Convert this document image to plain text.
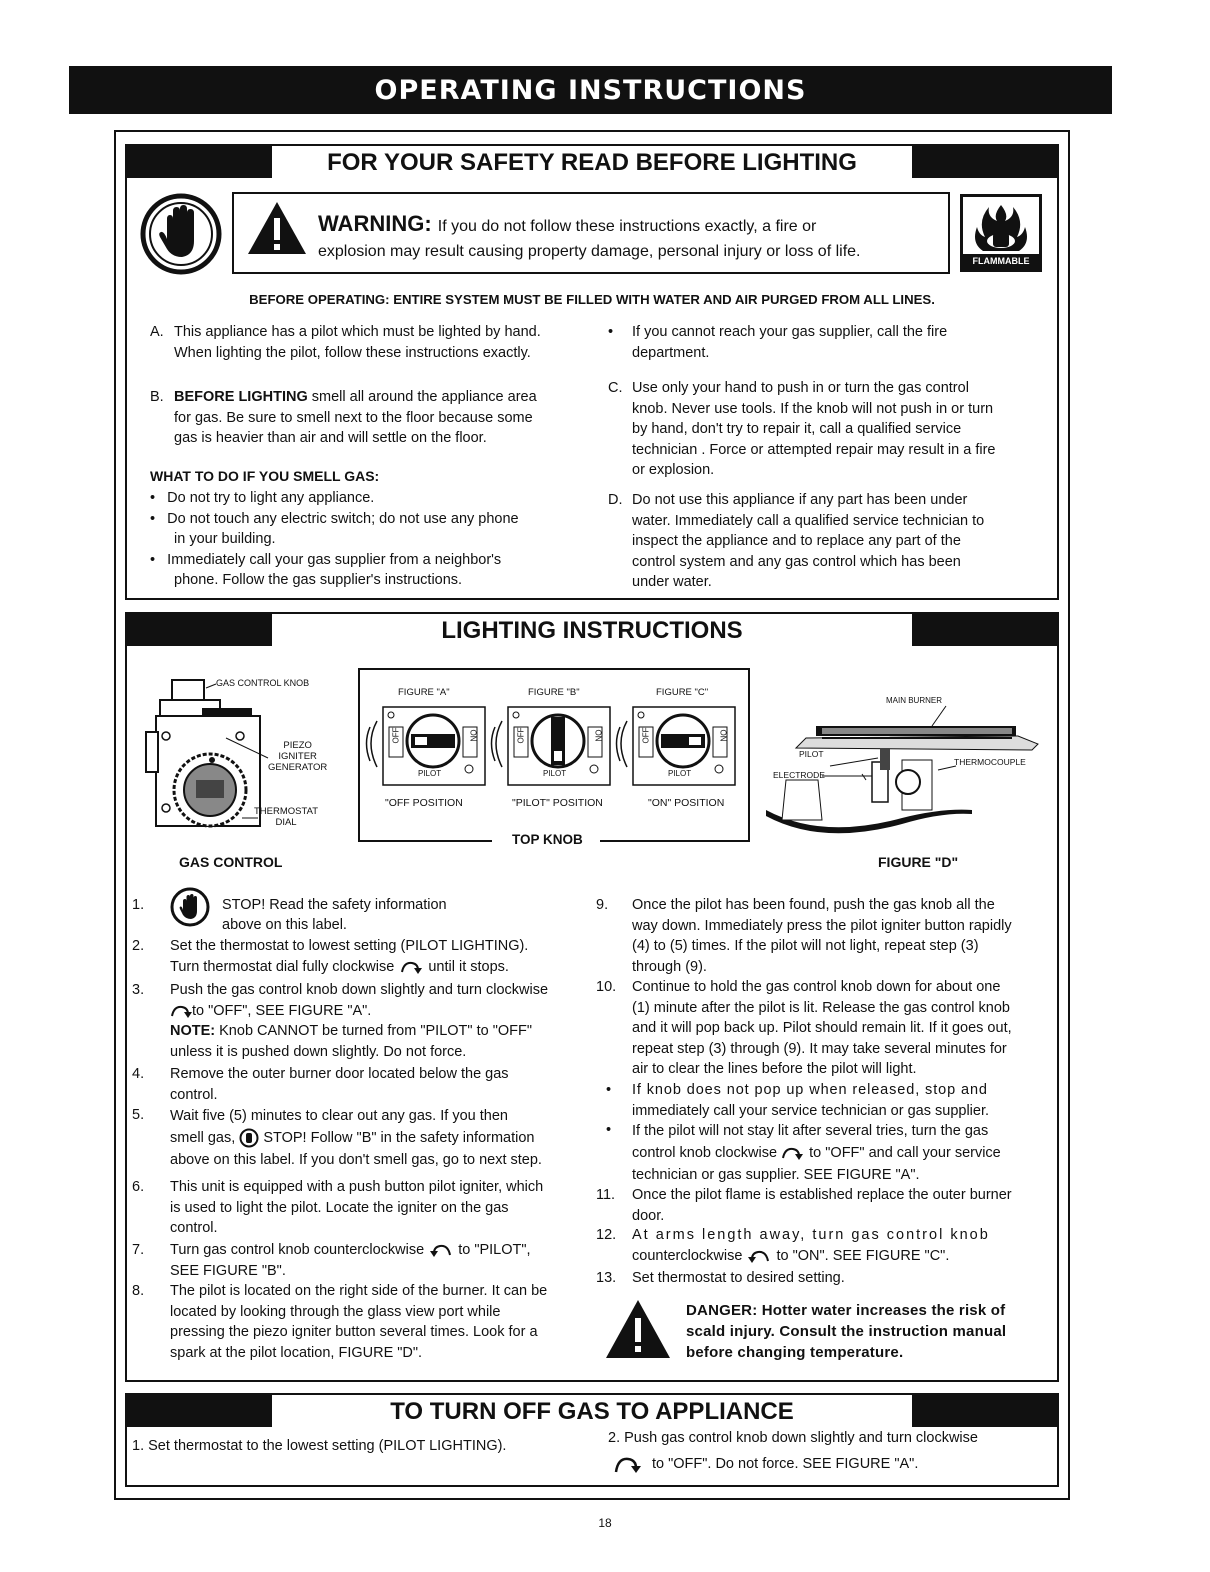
OPERATING INSTRUCTIONS
FOR YOUR SAFETY READ BEFORE LIGHTING
WARNING: If you do not follow these instructions exactly, a fire or
explosion may result causing property damage, personal injury or loss of life.
FLAMMABLE
BEFORE OPERATING: ENTIRE SYSTEM MUST BE FILLED WITH WATER AND AIR PURGED FROM ALL LINES.
A. This appliance has a pilot which must be lighted by hand.
When lighting the pilot, follow these instructions exactly.
B. BEFORE LIGHTING smell all around the appliance area
for gas. Be sure to smell next to the floor because some
gas is heavier than air and will settle on the floor.
WHAT TO DO IF YOU SMELL GAS:
•   Do not try to light any appliance.
•   Do not touch any electric switch; do not use any phone
in your building.
•   Immediately call your gas supplier from a neighbor's
phone. Follow the gas supplier's instructions.
• If you cannot reach your gas supplier, call the fire
department.
C. Use only your hand to push in or turn the gas control
knob. Never use tools. If the knob will not push in or turn
by hand, don't try to repair it, call a qualified service
technician . Force or attempted repair may result in a fire
or explosion.
D. Do not use this appliance if any part has been under
water. Immediately call a qualified service technician to
inspect the appliance and to replace any part of the
control system and any gas control which has been
under water.
LIGHTING INSTRUCTIONS
GAS CONTROL KNOB
PIEZO
IGNITER
GENERATOR
THERMOSTAT
DIAL
GAS CONTROL
TOP KNOB
FIGURE "A"	FIGURE "B"	FIGURE "C"
OFF	ON
PILOT
OFF	ON
PILOT
OFF	ON
PILOT
"OFF POSITION	"PILOT" POSITION	"ON" POSITION
MAIN BURNER
PILOT
ELECTRODE
THERMOCOUPLE
FIGURE "D"
1.	STOP! Read the safety information
above on this label.
2. Set the thermostat to lowest setting (PILOT LIGHTING).
Turn thermostat dial fully clockwise until it stops.
3. Push the gas control knob down slightly and turn clockwise
to "OFF", SEE FIGURE "A".
NOTE: Knob CANNOT be turned from "PILOT" to "OFF"
unless it is pushed down slightly. Do not force.
4. Remove the outer burner door located below the gas
control.
5. Wait five (5) minutes to clear out any gas. If you then
smell gas, STOP! Follow "B" in the safety information
above on this label. If you don't smell gas, go to next step.
6. This unit is equipped with a push button pilot igniter, which
is used to light the pilot. Locate the igniter on the gas
control.
7. Turn gas control knob counterclockwise to "PILOT",
SEE FIGURE "B".
8. The pilot is located on the right side of the burner. It can be
located by looking through the glass view port while
pressing the piezo igniter button several times. Look for a
spark at the pilot location, FIGURE "D".
9. Once the pilot has been found, push the gas knob all the
way down. Immediately press the pilot igniter button rapidly
(4) to (5) times. If the pilot will not light, repeat step (3)
through (9).
10. Continue to hold the gas control knob down for about one
(1) minute after the pilot is lit. Release the gas control knob
and it will pop back up. Pilot should remain lit. If it goes out,
repeat step (3) through (9). It may take several minutes for
air to clear the lines before the pilot will light.
• If knob does not pop up when released, stop and
immediately call your service technician or gas supplier.
• If the pilot will not stay lit after several tries, turn the gas
control knob clockwise to "OFF" and call your service
technician or gas supplier. SEE FIGURE "A".
11. Once the pilot flame is established replace the outer burner
door.
12. At arms length away, turn gas control knob
counterclockwise to "ON". SEE FIGURE "C".
13. Set thermostat to desired setting.
DANGER: Hotter water increases the risk of
scald injury. Consult the instruction manual
before changing temperature.
TO TURN OFF GAS TO APPLIANCE
1. Set thermostat to the lowest setting (PILOT LIGHTING).	2. Push gas control knob down slightly and turn clockwise
to "OFF". Do not force. SEE FIGURE "A".
18
